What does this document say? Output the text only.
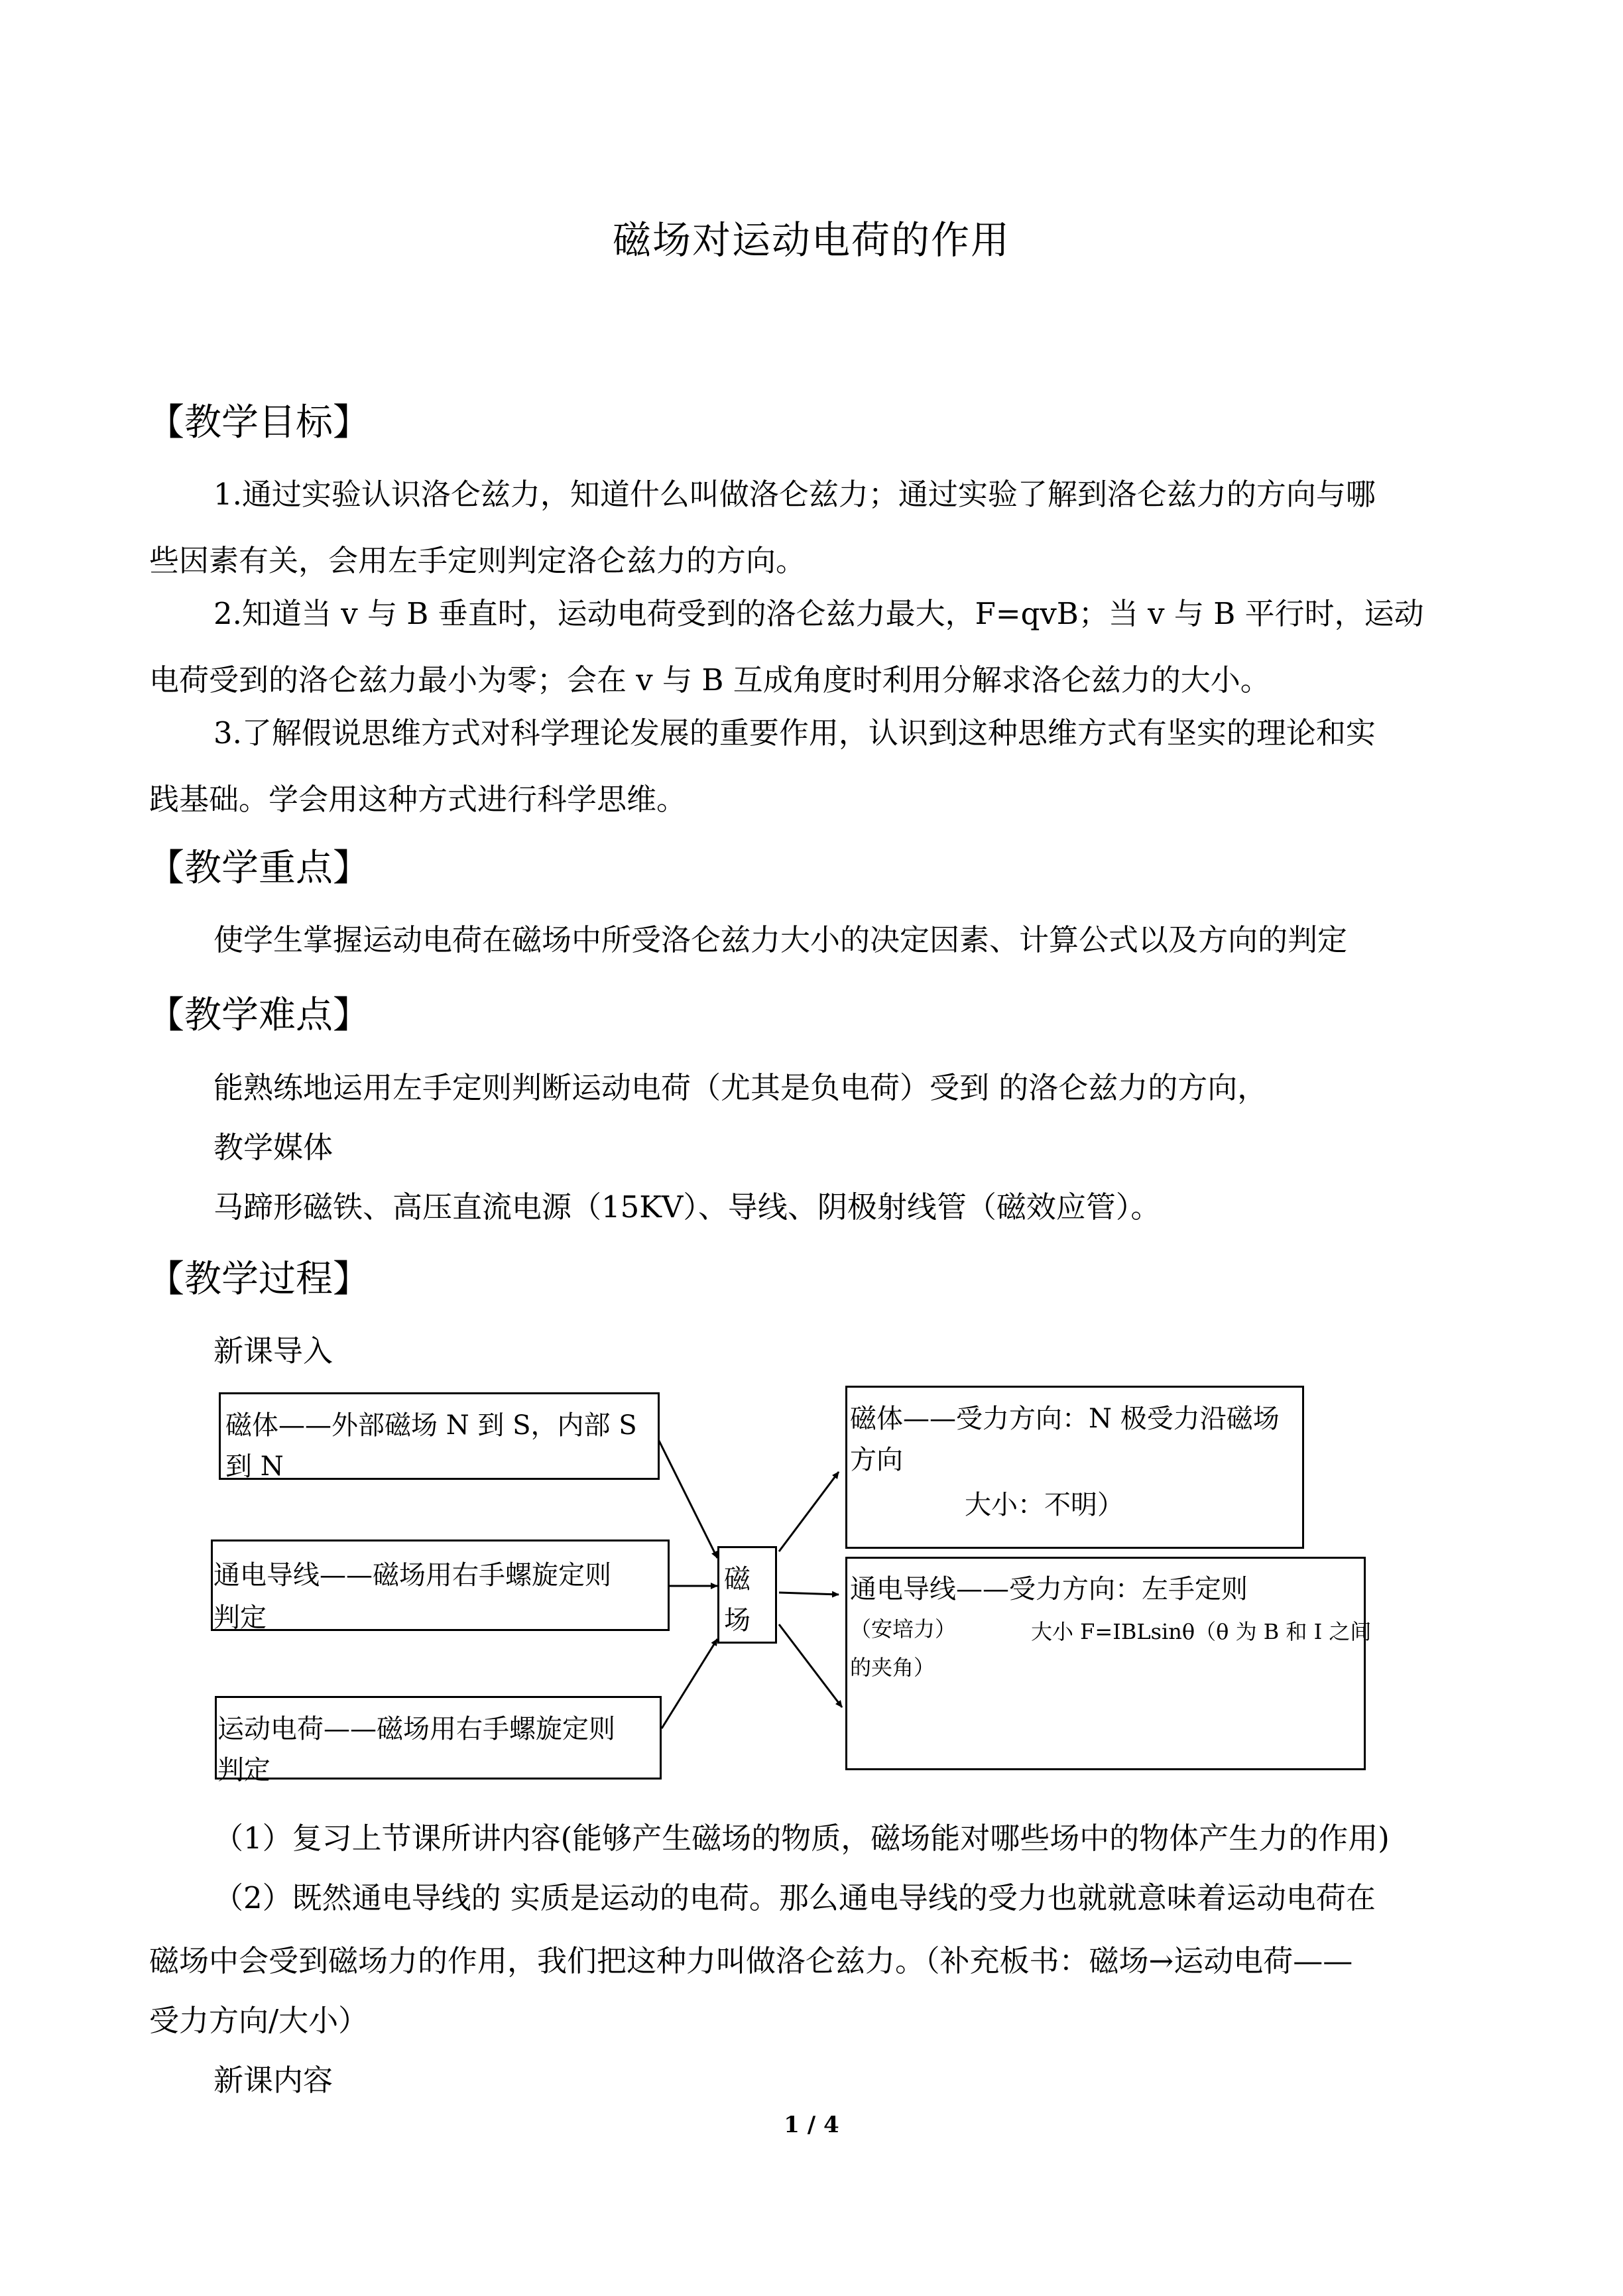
磁场对运动电荷的作用
【教学目标】
1.通过实验认识洛仑兹力，知道什么叫做洛仑兹力；通过实验了解到洛仑兹力的方向与哪
些因素有关，会用左手定则判定洛仑兹力的方向。
2.知道当 v 与 B 垂直时，运动电荷受到的洛仑兹力最大，F=qvB；当 v 与 B 平行时，运动
电荷受到的洛仑兹力最小为零；会在 v 与 B 互成角度时利用分解求洛仑兹力的大小。
3.了解假说思维方式对科学理论发展的重要作用，认识到这种思维方式有坚实的理论和实
践基础。学会用这种方式进行科学思维。
【教学重点】
使学生掌握运动电荷在磁场中所受洛仑兹力大小的决定因素、计算公式以及方向的判定
【教学难点】
能熟练地运用左手定则判断运动电荷（尤其是负电荷）受到 的洛仑兹力的方向，
教学媒体
马蹄形磁铁、高压直流电源（15KV）、导线、阴极射线管（磁效应管）。
【教学过程】
新课导入
磁体——外部磁场 N 到 S，内部 S
到 N
通电导线——磁场用右手螺旋定则
判定
运动电荷——磁场用右手螺旋定则
判定
磁
场
磁体——受力方向：N 极受力沿磁场
方向
大小：不明）
通电导线——受力方向：左手定则
（安培力）	大小 F=IBLsinθ（θ 为 B 和 I 之间
的夹角）
（1）复习上节课所讲内容(能够产生磁场的物质，磁场能对哪些场中的物体产生力的作用)
（2）既然通电导线的 实质是运动的电荷。那么通电导线的受力也就就意味着运动电荷在
磁场中会受到磁场力的作用，我们把这种力叫做洛仑兹力。（补充板书：磁场→运动电荷——
受力方向/大小）
新课内容
1 / 4
